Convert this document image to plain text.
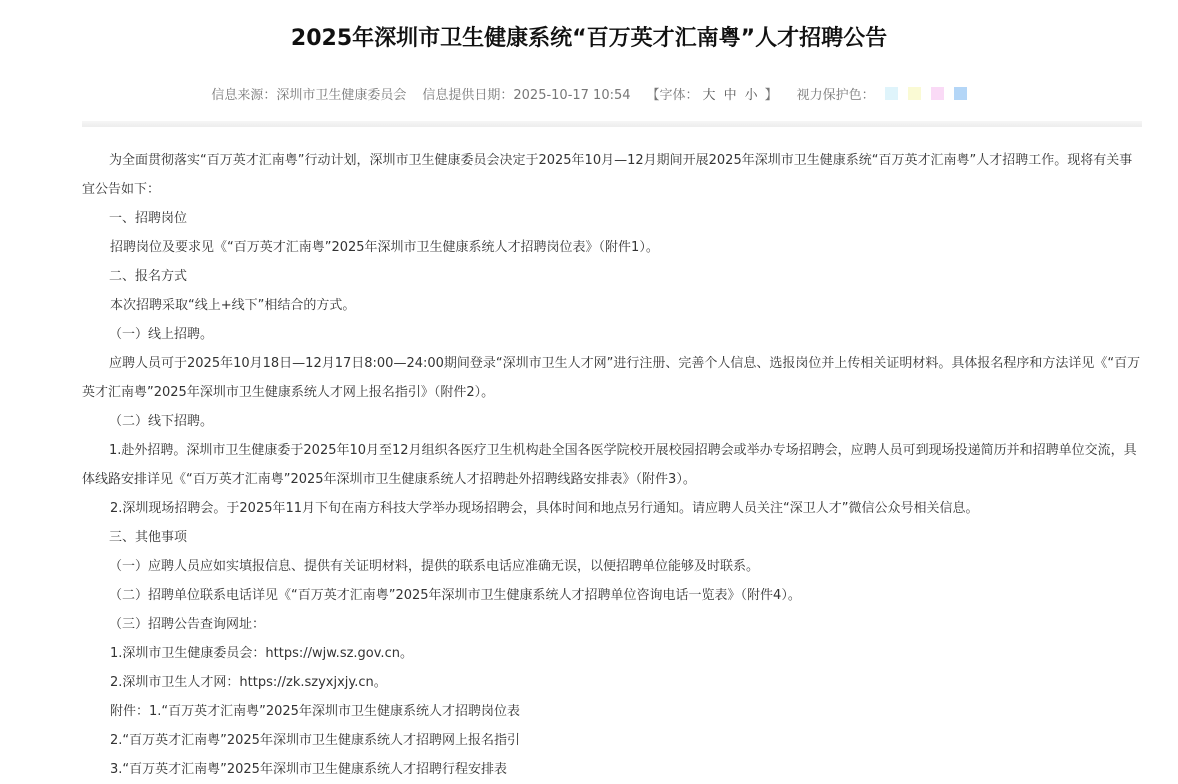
2025年深圳市卫生健康系统“百万英才汇南粤”人才招聘公告
信息来源：深圳市卫生健康委员会 信息提供日期：2025-10-17 10:54 【字体： 大 中 小 】 视力保护色：

为全面贯彻落实“百万英才汇南粤”行动计划，深圳市卫生健康委员会决定于2025年10月—12月期间开展2025年深圳市卫生健康系统“百万英才汇南粤”人才招聘工作。现将有关事宜公告如下：

一、招聘岗位

招聘岗位及要求见《“百万英才汇南粤”2025年深圳市卫生健康系统人才招聘岗位表》（附件1）。

二、报名方式

本次招聘采取“线上+线下”相结合的方式。

（一）线上招聘。

应聘人员可于2025年10月18日—12月17日8:00—24:00期间登录“深圳市卫生人才网”进行注册、完善个人信息、选报岗位并上传相关证明材料。具体报名程序和方法详见《“百万英才汇南粤”2025年深圳市卫生健康系统人才网上报名指引》（附件2）。

（二）线下招聘。

1.赴外招聘。深圳市卫生健康委于2025年10月至12月组织各医疗卫生机构赴全国各医学院校开展校园招聘会或举办专场招聘会，应聘人员可到现场投递简历并和招聘单位交流，具体线路安排详见《“百万英才汇南粤”2025年深圳市卫生健康系统人才招聘赴外招聘线路安排表》（附件3）。

2.深圳现场招聘会。于2025年11月下旬在南方科技大学举办现场招聘会，具体时间和地点另行通知。请应聘人员关注“深卫人才”微信公众号相关信息。

三、其他事项

（一）应聘人员应如实填报信息、提供有关证明材料，提供的联系电话应准确无误，以便招聘单位能够及时联系。

（二）招聘单位联系电话详见《“百万英才汇南粤”2025年深圳市卫生健康系统人才招聘单位咨询电话一览表》（附件4）。

（三）招聘公告查询网址：

1.深圳市卫生健康委员会：https://wjw.sz.gov.cn。

2.深圳市卫生人才网：https://zk.szyxjxjy.cn。

附件：1.“百万英才汇南粤”2025年深圳市卫生健康系统人才招聘岗位表

2.“百万英才汇南粤”2025年深圳市卫生健康系统人才招聘网上报名指引

3.“百万英才汇南粤”2025年深圳市卫生健康系统人才招聘行程安排表
